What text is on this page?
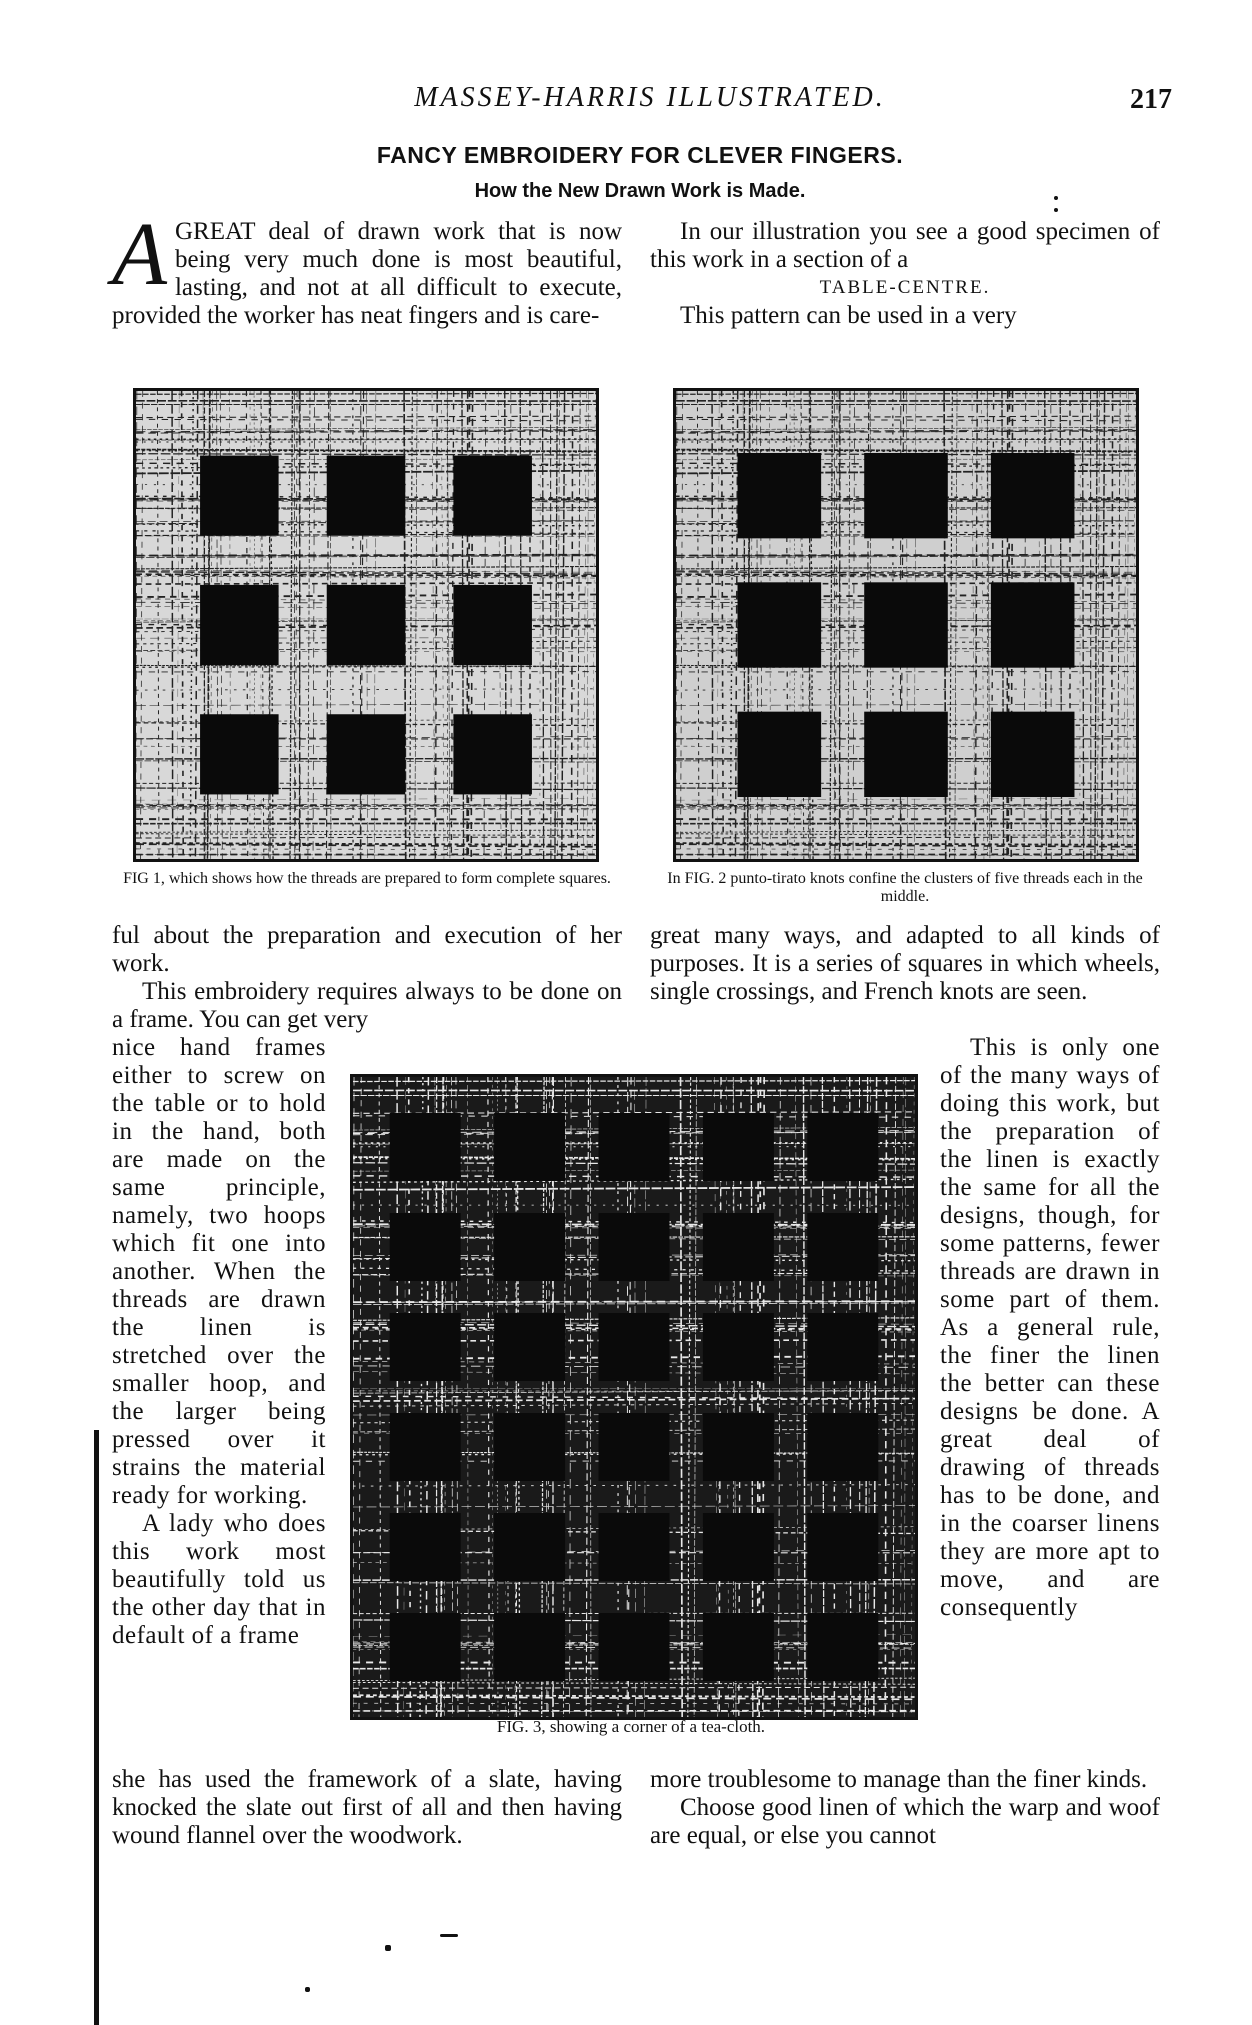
MASSEY-HARRIS ILLUSTRATED.	217
FANCY EMBROIDERY FOR CLEVER FINGERS.
How the New Drawn Work is Made.

AGREAT deal of drawn work that is now being very much done is most beautiful, lasting, and not at all difficult to execute, provided the worker has neat fingers and is care-

In our illustration you see a good specimen of this work in a section of a

TABLE-CENTRE.

This pattern can be used in a very

FIG 1, which shows how the threads are prepared to form complete squares.	In FIG. 2 punto-tirato knots confine the clusters of five threads each in the middle.

ful about the preparation and execution of her work.

This embroidery requires always to be done on a frame. You can get very

great many ways, and adapted to all kinds of purposes. It is a series of squares in which wheels, single crossings, and French knots are seen.

nice hand frames either to screw on the table or to hold in the hand, both are made on the same principle, namely, two hoops which fit one into another. When the threads are drawn the linen is stretched over the smaller hoop, and the larger being pressed over it strains the material ready for working.

A lady who does this work most beautifully told us the other day that in default of a frame

FIG. 3, showing a corner of a tea-cloth.

This is only one of the many ways of doing this work, but the preparation of the linen is exactly the same for all the designs, though, for some patterns, fewer threads are drawn in some part of them. As a general rule, the finer the linen the better can these designs be done. A great deal of drawing of threads has to be done, and in the coarser linens they are more apt to move, and are consequently

she has used the framework of a slate, having knocked the slate out first of all and then having wound flannel over the woodwork.

more troublesome to manage than the finer kinds.

Choose good linen of which the warp and woof are equal, or else you cannot
